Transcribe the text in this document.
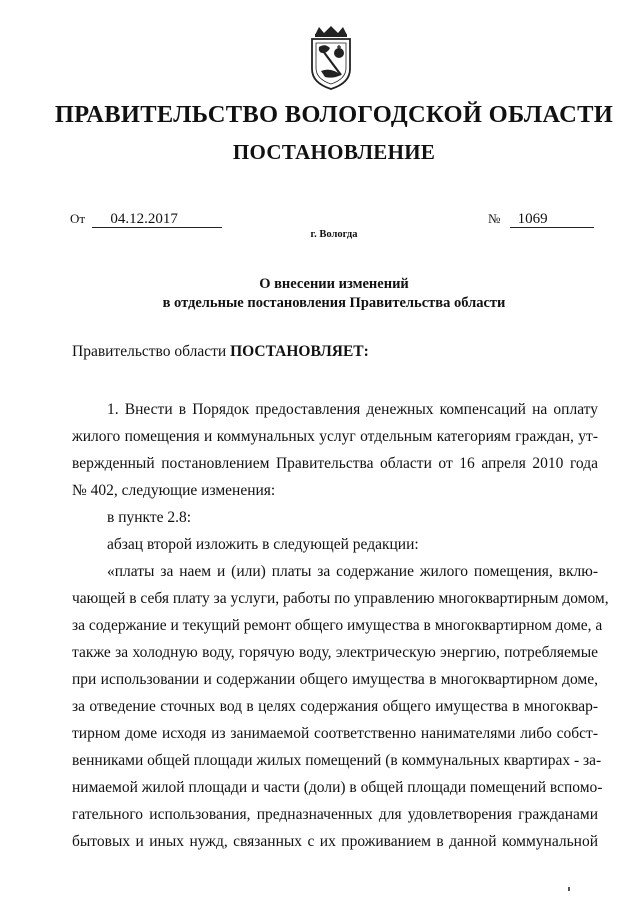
ПРАВИТЕЛЬСТВО ВОЛОГОДСКОЙ ОБЛАСТИ
ПОСТАНОВЛЕНИЕ
От 04.12.2017	№ 1069
г. Вологда
О внесении изменений
в отдельные постановления Правительства области
Правительство области ПОСТАНОВЛЯЕТ:
1. Внести в Порядок предоставления денежных компенсаций на оплату
жилого помещения и коммунальных услуг отдельным категориям граждан, ут-
вержденный постановлением Правительства области от 16 апреля 2010 года
№ 402, следующие изменения:
в пункте 2.8:
абзац второй изложить в следующей редакции:
«платы за наем и (или) платы за содержание жилого помещения, вклю-
чающей в себя плату за услуги, работы по управлению многоквартирным домом,
за содержание и текущий ремонт общего имущества в многоквартирном доме, а
также за холодную воду, горячую воду, электрическую энергию, потребляемые
при использовании и содержании общего имущества в многоквартирном доме,
за отведение сточных вод в целях содержания общего имущества в многоквар-
тирном доме исходя из занимаемой соответственно нанимателями либо собст-
венниками общей площади жилых помещений (в коммунальных квартирах - за-
нимаемой жилой площади и части (доли) в общей площади помещений вспомо-
гательного использования, предназначенных для удовлетворения гражданами
бытовых и иных нужд, связанных с их проживанием в данной коммунальной
